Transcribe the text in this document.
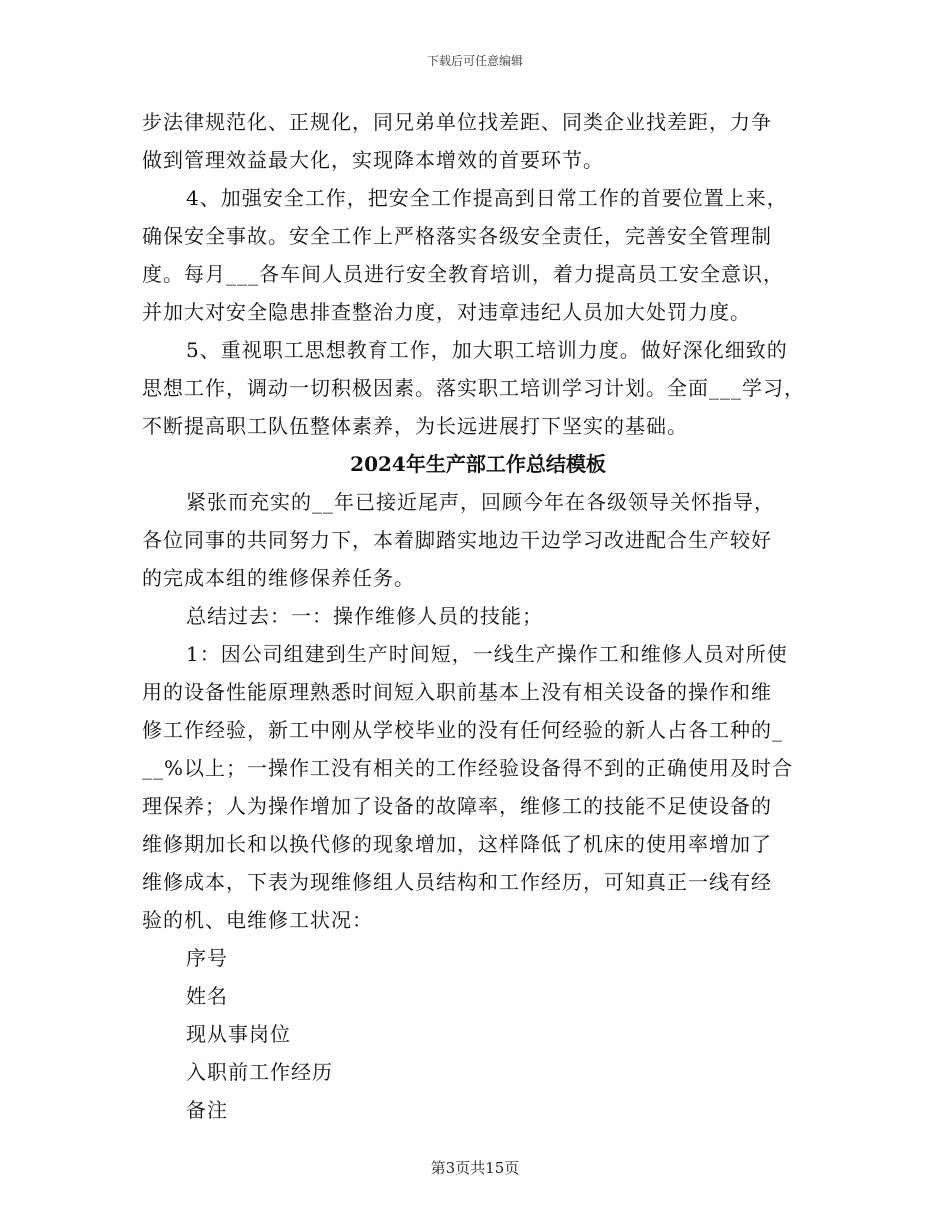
下载后可任意编辑
步法律规范化、正规化，同兄弟单位找差距、同类企业找差距，力争
做到管理效益最大化，实现降本增效的首要环节。
4、加强安全工作，把安全工作提高到日常工作的首要位置上来，
确保安全事故。安全工作上严格落实各级安全责任，完善安全管理制
度。每月___各车间人员进行安全教育培训，着力提高员工安全意识，
并加大对安全隐患排查整治力度，对违章违纪人员加大处罚力度。
5、重视职工思想教育工作，加大职工培训力度。做好深化细致的
思想工作，调动一切积极因素。落实职工培训学习计划。全面___学习，
不断提高职工队伍整体素养，为长远进展打下坚实的基础。
2024年生产部工作总结模板
紧张而充实的__年已接近尾声，回顾今年在各级领导关怀指导，
各位同事的共同努力下，本着脚踏实地边干边学习改进配合生产较好
的完成本组的维修保养任务。
总结过去：一：操作维修人员的技能；
1：因公司组建到生产时间短，一线生产操作工和维修人员对所使
用的设备性能原理熟悉时间短入职前基本上没有相关设备的操作和维
修工作经验，新工中刚从学校毕业的没有任何经验的新人占各工种的_
__%以上；一操作工没有相关的工作经验设备得不到的正确使用及时合
理保养；人为操作增加了设备的故障率，维修工的技能不足使设备的
维修期加长和以换代修的现象增加，这样降低了机床的使用率增加了
维修成本，下表为现维修组人员结构和工作经历，可知真正一线有经
验的机、电维修工状况：
序号
姓名
现从事岗位
入职前工作经历
备注
第3页共15页
